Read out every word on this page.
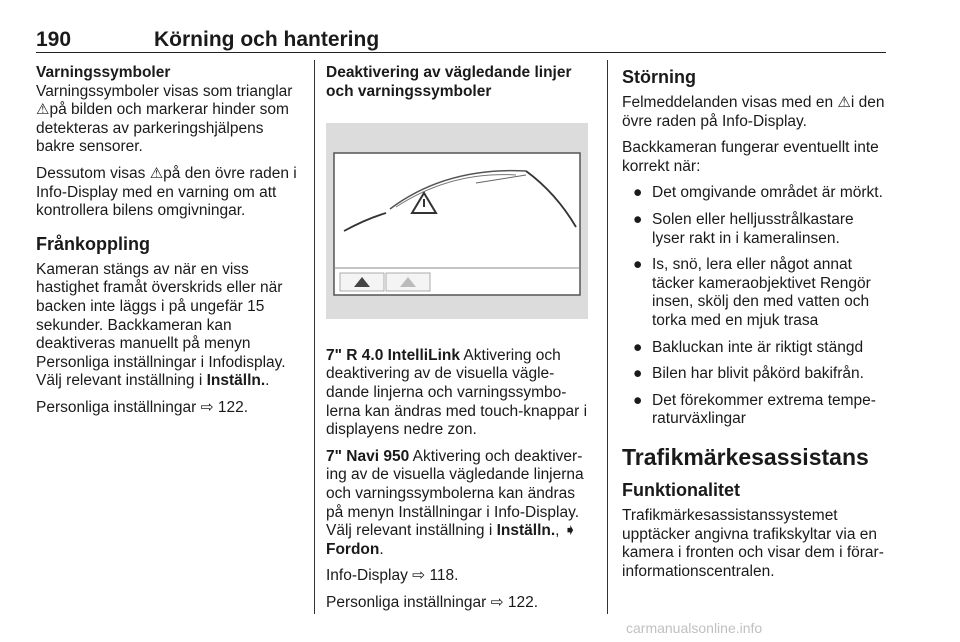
190	Körning och hantering
Varningssymboler

Varningssymboler visas som trianglar ⚠på bilden och markerar hinder som detekteras av parkeringshjälpens bakre sensorer.

Dessutom visas ⚠på den övre raden i Info-Display med en varning om att kontrollera bilens omgivningar.

Frånkoppling

Kameran stängs av när en viss hastighet framåt överskrids eller när backen inte läggs i på ungefär 15 sekunder. Backkameran kan deaktiveras manuellt på menyn Personliga inställningar i Infodisplay. Välj relevant inställning i Inställn..

Personliga inställningar ⇨ 122.

Deaktivering av vägledande linjer och varningssymboler

7" R 4.0 IntelliLink Aktivering och deaktivering av de visuella vägle-dande linjerna och varningssymbo-lerna kan ändras med touch-knappar i displayens nedre zon.

7" Navi 950 Aktivering och deaktiver-ing av de visuella vägledande linjerna och varningssymbolerna kan ändras på menyn Inställningar i Info-Display. Välj relevant inställning i Inställn., ➧
Fordon.

Info-Display ⇨ 118.

Personliga inställningar ⇨ 122.

Störning

Felmeddelanden visas med en ⚠i den övre raden på Info-Display.

Backkameran fungerar eventuellt inte korrekt när:

● Det omgivande området är mörkt.
● Solen eller helljusstrålkastare lyser rakt in i kameralinsen.
● Is, snö, lera eller något annat täcker kameraobjektivet Rengör insen, skölj den med vatten och torka med en mjuk trasa
● Bakluckan inte är riktigt stängd
● Bilen har blivit påkörd bakifrån.
● Det förekommer extrema tempe-raturväxlingar
Trafikmärkesassistans
Funktionalitet

Trafikmärkesassistanssystemet upptäcker angivna trafikskyltar via en kamera i fronten och visar dem i förar-informationscentralen.

carmanualsonline.info
